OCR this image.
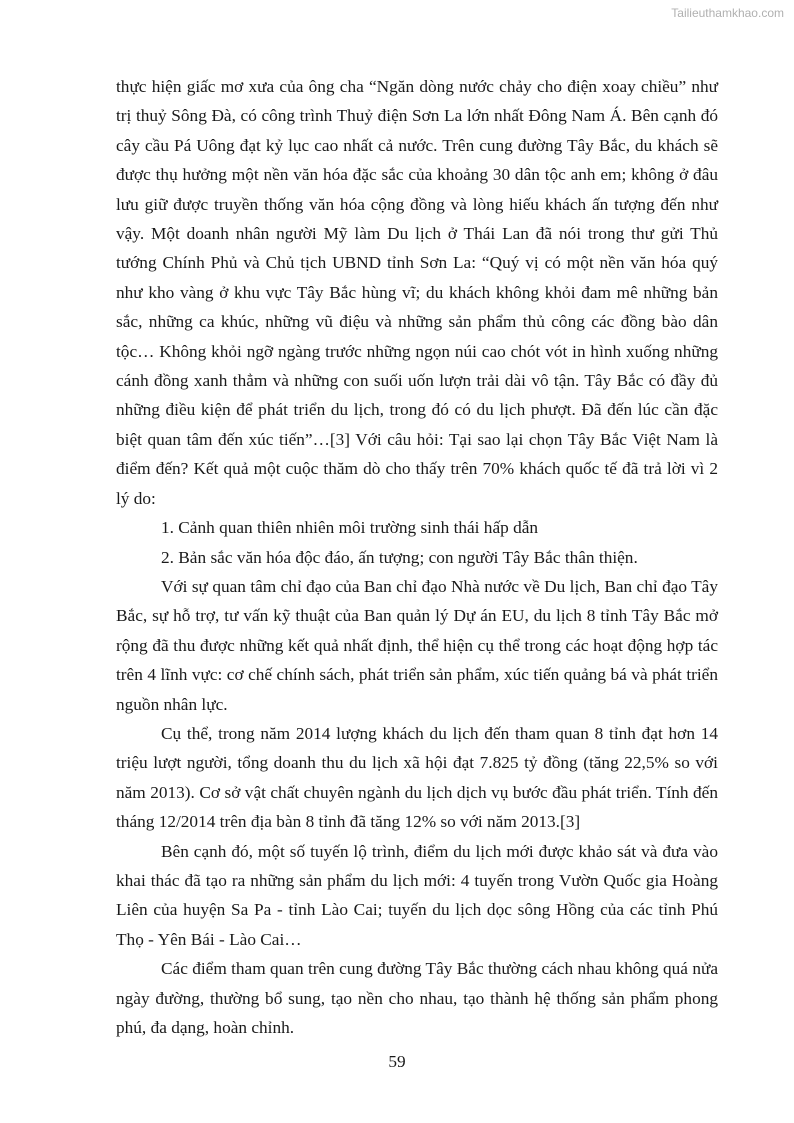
Tailieuthamkhao.com

thực hiện giấc mơ xưa của ông cha “Ngăn dòng nước chảy cho điện xoay chiều” như trị thuỷ Sông Đà, có công trình Thuỷ điện Sơn La lớn nhất Đông Nam Á. Bên cạnh đó cây cầu Pá Uông đạt kỷ lục cao nhất cả nước. Trên cung đường Tây Bắc, du khách sẽ được thụ hưởng một nền văn hóa đặc sắc của khoảng 30 dân tộc anh em; không ở đâu lưu giữ được truyền thống văn hóa cộng đồng và lòng hiếu khách ấn tượng đến như vậy. Một doanh nhân người Mỹ làm Du lịch ở Thái Lan đã nói trong thư gửi Thủ tướng Chính Phủ và Chủ tịch UBND tỉnh Sơn La: “Quý vị có một nền văn hóa quý như kho vàng ở khu vực Tây Bắc hùng vĩ; du khách không khỏi đam mê những bản sắc, những ca khúc, những vũ điệu và những sản phẩm thủ công các đồng bào dân tộc… Không khỏi ngỡ ngàng trước những ngọn núi cao chót vót in hình xuống những cánh đồng xanh thẳm và những con suối uốn lượn trải dài vô tận. Tây Bắc có đầy đủ những điều kiện để phát triển du lịch, trong đó có du lịch phượt. Đã đến lúc cần đặc biệt quan tâm đến xúc tiến”…[3] Với câu hỏi: Tại sao lại chọn Tây Bắc Việt Nam là điểm đến? Kết quả một cuộc thăm dò cho thấy trên 70% khách quốc tế đã trả lời vì 2 lý do:

1. Cảnh quan thiên nhiên môi trường sinh thái hấp dẫn

2. Bản sắc văn hóa độc đáo, ấn tượng; con người Tây Bắc thân thiện.

Với sự quan tâm chỉ đạo của Ban chỉ đạo Nhà nước về Du lịch, Ban chỉ đạo Tây Bắc, sự hỗ trợ, tư vấn kỹ thuật của Ban quản lý Dự án EU, du lịch 8 tỉnh Tây Bắc mở rộng đã thu được những kết quả nhất định, thể hiện cụ thể trong các hoạt động hợp tác trên 4 lĩnh vực: cơ chế chính sách, phát triển sản phẩm, xúc tiến quảng bá và phát triển nguồn nhân lực.

Cụ thể, trong năm 2014 lượng khách du lịch đến tham quan 8 tỉnh đạt hơn 14 triệu lượt người, tổng doanh thu du lịch xã hội đạt 7.825 tỷ đồng (tăng 22,5% so với năm 2013). Cơ sở vật chất chuyên ngành du lịch dịch vụ bước đầu phát triển. Tính đến tháng 12/2014 trên địa bàn 8 tỉnh đã tăng 12% so với năm 2013.[3]

Bên cạnh đó, một số tuyến lộ trình, điểm du lịch mới được khảo sát và đưa vào khai thác đã tạo ra những sản phẩm du lịch mới: 4 tuyến trong Vườn Quốc gia Hoàng Liên của huyện Sa Pa - tỉnh Lào Cai; tuyến du lịch dọc sông Hồng của các tỉnh Phú Thọ - Yên Bái - Lào Cai…

Các điểm tham quan trên cung đường Tây Bắc thường cách nhau không quá nửa ngày đường, thường bổ sung, tạo nền cho nhau, tạo thành hệ thống sản phẩm phong phú, đa dạng, hoàn chỉnh.

59
